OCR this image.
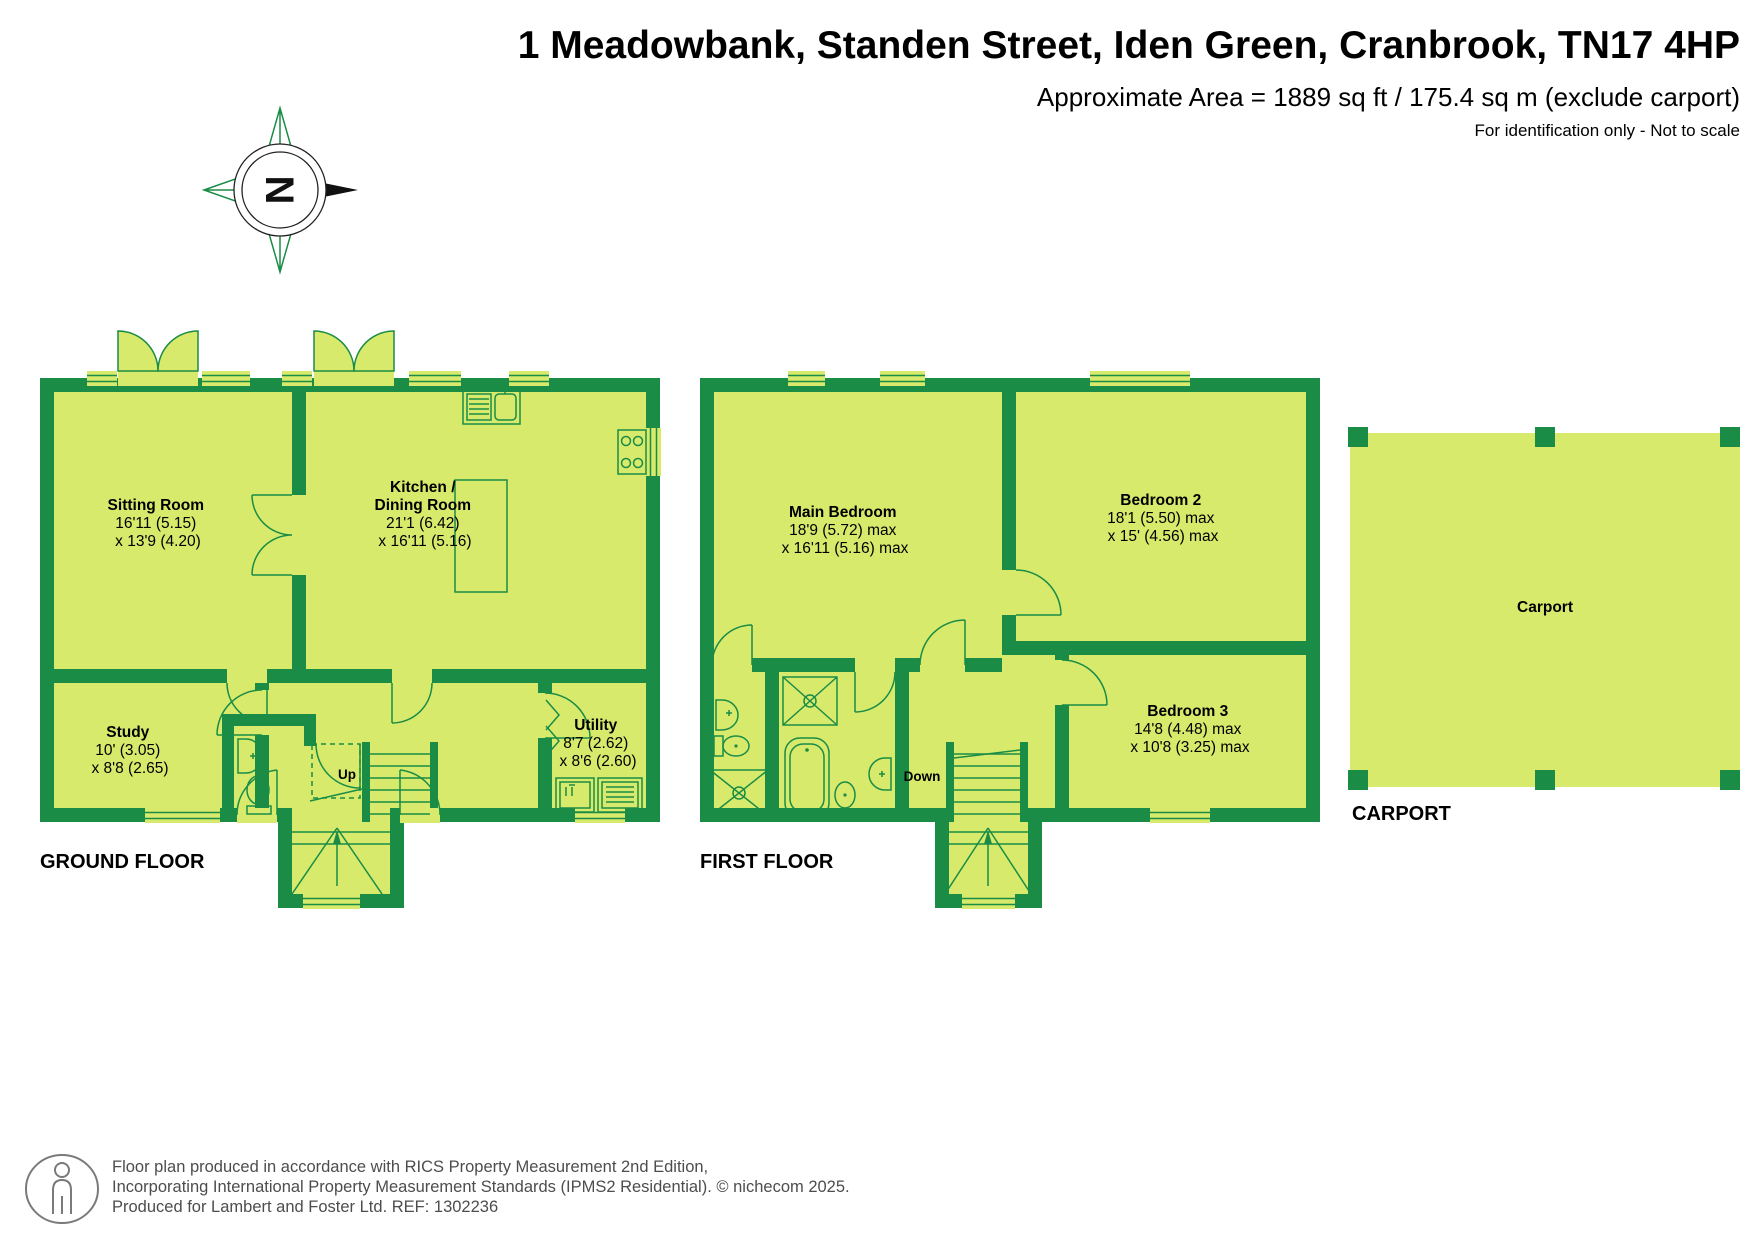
1 Meadowbank, Standen Street, Iden Green, Cranbrook, TN17 4HP
Approximate Area = 1889 sq ft / 175.4 sq m (exclude carport)
For identification only - Not to scale
N
Sitting Room 16'11 (5.15) x 13'9 (4.20)
Kitchen / Dining Room 21'1 (6.42) x 16'11 (5.16)
Study 10' (3.05) x 8'8 (2.65)
Utility 8'7 (2.62) x 8'6 (2.60)
Up
GROUND FLOOR
Main Bedroom 18'9 (5.72) max x 16'11 (5.16) max
Bedroom 2 18'1 (5.50) max x 15' (4.56) max
Bedroom 3 14'8 (4.48) max x 10'8 (3.25) max
Down
FIRST FLOOR
Carport
CARPORT
Floor plan produced in accordance with RICS Property Measurement 2nd Edition,
Incorporating International Property Measurement Standards (IPMS2 Residential). © nichecom 2025.
Produced for Lambert and Foster Ltd. REF: 1302236
